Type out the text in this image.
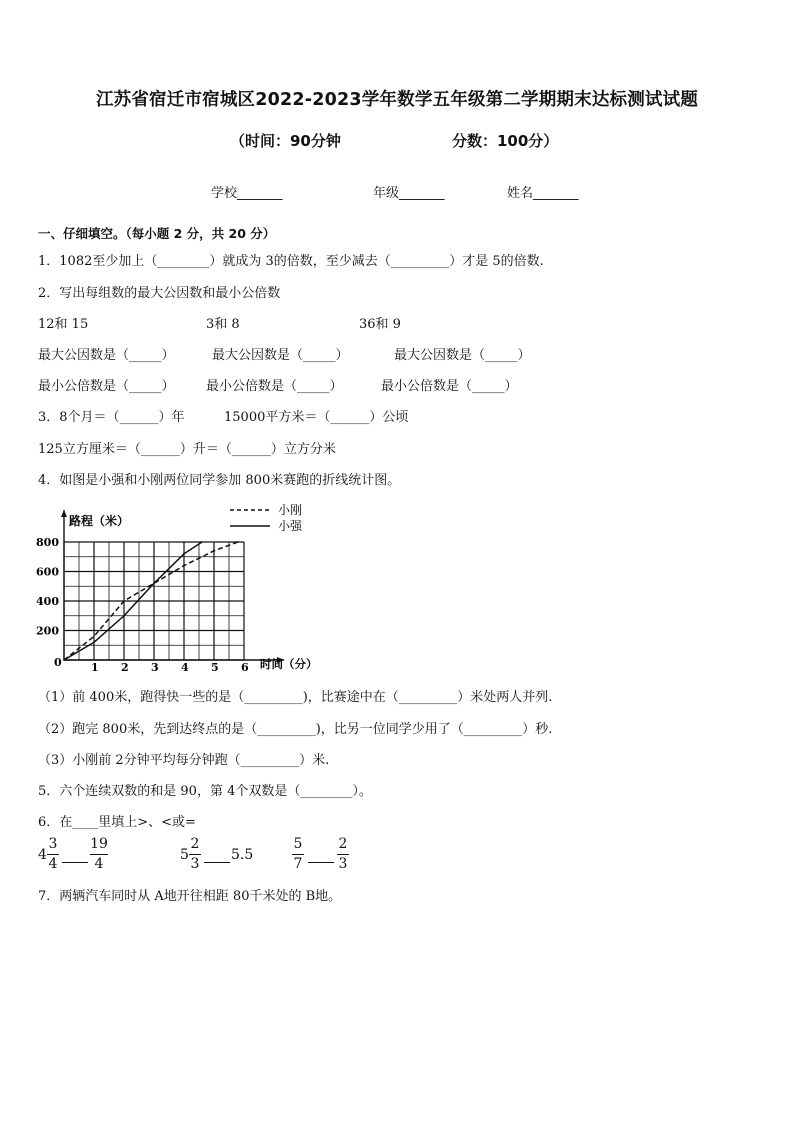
江苏省宿迁市宿城区2022-2023学年数学五年级第二学期期末达标测试试题
（时间：90分钟	分数：100分）
学校_______	年级_______	姓名_______
一、仔细填空。（每小题 2 分，共 20 分）
1．1082至少加上（________）就成为 3的倍数，至少减去（_________）才是 5的倍数.
2．写出每组数的最大公因数和最小公倍数
12和 15	3和 8	36和 9
最大公因数是（_____）	最大公因数是（_____）	最大公因数是（_____）
最小公倍数是（_____） 最小公倍数是（_____）	最小公倍数是（_____）
3．8个月＝（______）年	15000平方米＝（______）公顷
125立方厘米＝（______）升＝（______）立方分米
4．如图是小强和小刚两位同学参加 800米赛跑的折线统计图。
路程（米）
时间（分）
0	1 2 3 4 5 6
200
400
600
800
小刚
小强
（1）前 400米，跑得快一些的是（_________)，比赛途中在（_________）米处两人并列.
（2）跑完 800米，先到达终点的是（_________)，比另一位同学少用了（_________）秒.
（3）小刚前 2分钟平均每分钟跑（_________）米.
5．六个连续双数的和是 90，第 4个双数是（________）。
6．在____里填上>、<或=
4
3
4
19
4
5
2
3
5.5
5
7
2
3
7．两辆汽车同时从 A地开往相距 80千米处的 B地。
